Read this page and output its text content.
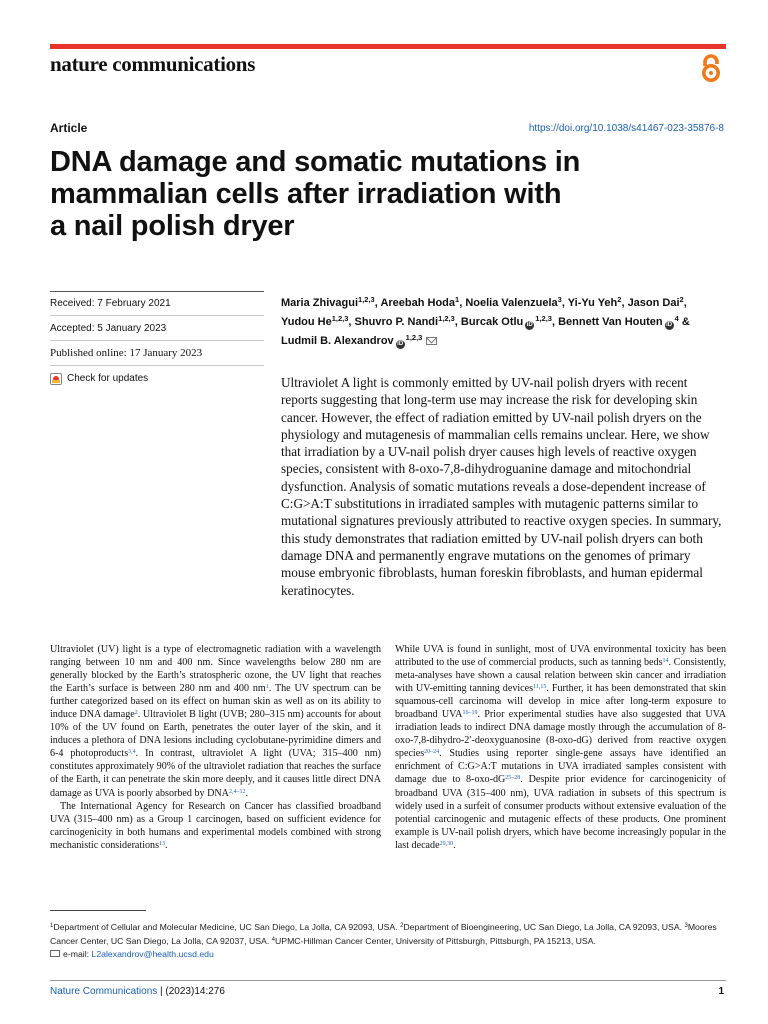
nature communications
Article	https://doi.org/10.1038/s41467-023-35876-8
DNA damage and somatic mutations in
mammalian cells after irradiation with
a nail polish dryer
Received: 7 February 2021
Accepted: 5 January 2023
Published online: 17 January 2023
Check for updates
Maria Zhivagui$^{1,2,3}$, Areebah Hoda$^1$, Noelia Valenzuela$^3$, Yi-Yu Yeh$^2$, Jason Dai$^2$, Yudou He$^{1,2,3}$, Shuvro P. Nandi$^{1,2,3}$, Burcak Otlu iD$^{1,2,3}$, Bennett Van Houten $iD^4$ & Ludmil B. Alexandrov iD$^{1,2,3}$

Ultraviolet A light is commonly emitted by UV-nail polish dryers with recent reports suggesting that long-term use may increase the risk for developing skin cancer. However, the effect of radiation emitted by UV-nail polish dryers on the physiology and mutagenesis of mammalian cells remains unclear. Here, we show that irradiation by a UV-nail polish dryer causes high levels of reactive oxygen species, consistent with 8-oxo-7,8-dihydroguanine damage and mitochondrial dysfunction. Analysis of somatic mutations reveals a dose-dependent increase of C:G>A:T substitutions in irradiated samples with mutagenic patterns similar to mutational signatures previously attributed to reactive oxygen species. In summary, this study demonstrates that radiation emitted by UV-nail polish dryers can both damage DNA and permanently engrave mutations on the genomes of primary mouse embryonic fibroblasts, human foreskin fibroblasts, and human epidermal keratinocytes.

Ultraviolet (UV) light is a type of electromagnetic radiation with a wavelength ranging between 10 nm and 400 nm. Since wavelengths below 280 nm are generally blocked by the Earth’s stratospheric ozone, the UV light that reaches the Earth’s surface is between 280 nm and 400 $nm^1$. The UV spectrum can be further categorized based on its effect on human skin as well as on its ability to induce DNA damage$^2$. Ultraviolet B light (UVB; 280–315 nm) accounts for about 10% of the UV found on Earth, penetrates the outer layer of the skin, and it induces a plethora of DNA lesions including cyclobutane-pyrimidine dimers and 6-4 photoproducts$^{3,4}$. In contrast, ultraviolet A light (UVA; 315–400 nm) constitutes approximately 90% of the ultraviolet radiation that reaches the surface of the Earth, it can penetrate the skin more deeply, and it causes little direct DNA damage as UVA is poorly absorbed by DNA$^{2,4-12}$.

The International Agency for Research on Cancer has classified broadband UVA (315–400 nm) as a Group 1 carcinogen, based on sufficient evidence for carcinogenicity in both humans and experimental models combined with strong mechanistic considerations$^{13}$.

While UVA is found in sunlight, most of UVA environmental toxicity has been attributed to the use of commercial products, such as tanning beds$^{14}$. Consistently, meta-analyses have shown a causal relation between skin cancer and irradiation with UV-emitting tanning devices$^{11,15}$. Further, it has been demonstrated that skin squamous-cell carcinoma will develop in mice after long-term exposure to broadband UVA$^{16-19}$. Prior experimental studies have also suggested that UVA irradiation leads to indirect DNA damage mostly through the accumulation of 8-oxo-7,8-dihydro-2′-deoxyguanosine (8-oxo-dG) derived from reactive oxygen species$^{20-24}$. Studies using reporter single-gene assays have identified an enrichment of C:G>A:T mutations in UVA irradiated samples consistent with damage due to $8-oxo-dG^{25-28}$. Despite prior evidence for carcinogenicity of broadband UVA (315–400 nm), UVA radiation in subsets of this spectrum is widely used in a surfeit of consumer products without extensive evaluation of the potential carcinogenic and mutagenic effects of these products. One prominent example is UV-nail polish dryers, which have become increasingly popular in the last decade$^{29,30}$.

$^1$Department of Cellular and Molecular Medicine, UC San Diego, La Jolla, CA 92093, USA. $^2$Department of Bioengineering, UC San Diego, La Jolla, CA 92093, USA. $^3$Moores Cancer Center, UC San Diego, La Jolla, CA 92037, USA. $^4$UPMC-Hillman Cancer Center, University of Pittsburgh, Pittsburgh, PA 15213, USA.
e-mail: L2alexandrov@health.ucsd.edu
Nature Communications | (2023)14:276	1
